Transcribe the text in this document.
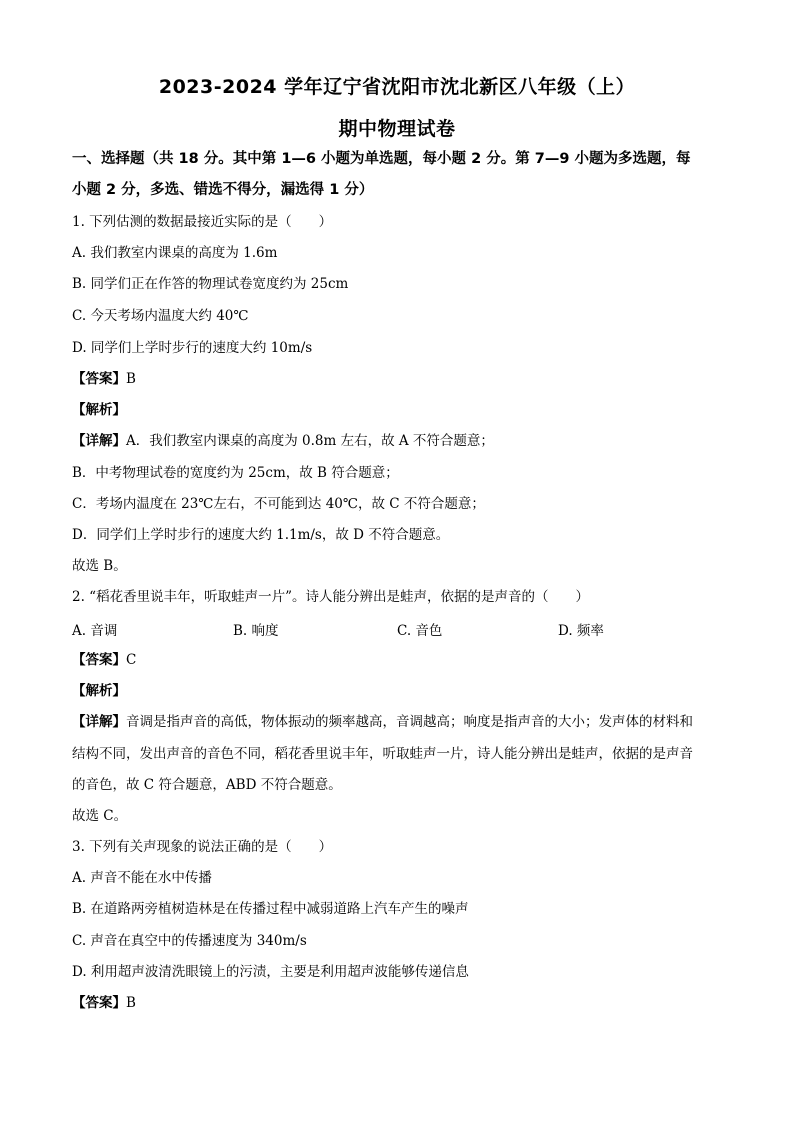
2023-2024 学年辽宁省沈阳市沈北新区八年级（上）
期中物理试卷
一、选择题（共 18 分。其中第 1—6 小题为单选题，每小题 2 分。第 7—9 小题为多选题，每
小题 2 分，多选、错选不得分，漏选得 1 分）
1. 下列估测的数据最接近实际的是（　　）
A. 我们教室内课桌的高度为 1.6m
B. 同学们正在作答的物理试卷宽度约为 25cm
C. 今天考场内温度大约 40℃
D. 同学们上学时步行的速度大约 10m/s
【答案】B
【解析】
【详解】A．我们教室内课桌的高度为 0.8m 左右，故 A 不符合题意；
B．中考物理试卷的宽度约为 25cm，故 B 符合题意；
C．考场内温度在 23℃左右，不可能到达 40℃，故 C 不符合题意；
D．同学们上学时步行的速度大约 1.1m/s，故 D 不符合题意。
故选 B。
2. “稻花香里说丰年，听取蛙声一片”。诗人能分辨出是蛙声，依据的是声音的（　　）
A. 音调	B. 响度	C. 音色	D. 频率
【答案】C
【解析】
【详解】音调是指声音的高低，物体振动的频率越高，音调越高；响度是指声音的大小；发声体的材料和
结构不同，发出声音的音色不同，稻花香里说丰年，听取蛙声一片，诗人能分辨出是蛙声，依据的是声音
的音色，故 C 符合题意，ABD 不符合题意。
故选 C。
3. 下列有关声现象的说法正确的是（　　）
A. 声音不能在水中传播
B. 在道路两旁植树造林是在传播过程中减弱道路上汽车产生的噪声
C. 声音在真空中的传播速度为 340m/s
D. 利用超声波清洗眼镜上的污渍，主要是利用超声波能够传递信息
【答案】B
